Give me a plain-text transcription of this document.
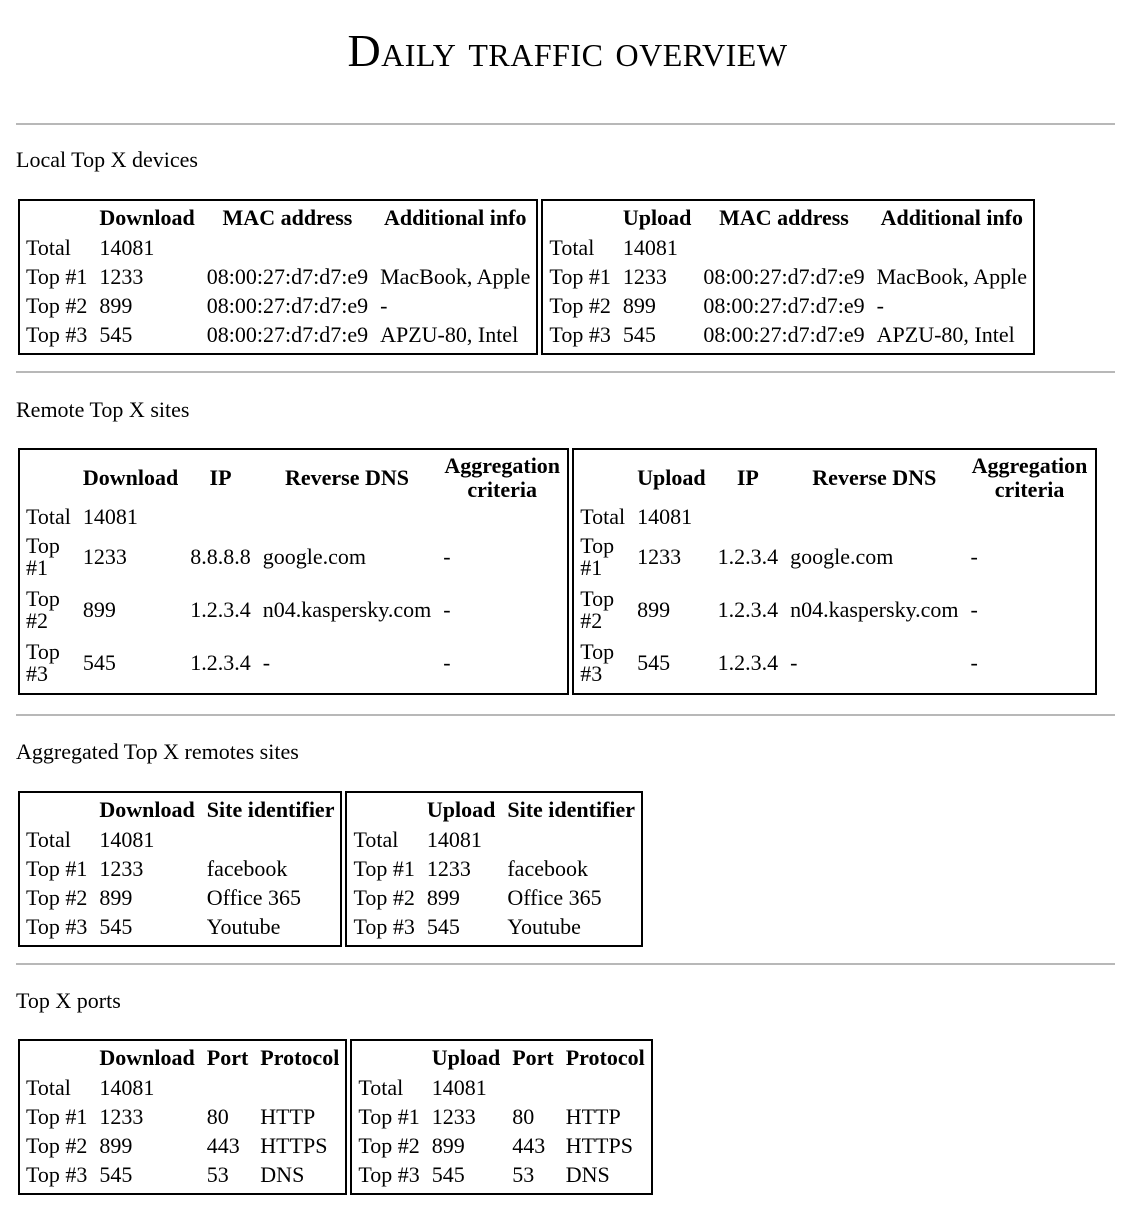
Daily traffic overview

Local Top X devices

	Download	MAC address	Additional info
Total	14081		
Top #1	1233	08:00:27:d7:d7:e9	MacBook, Apple
Top #2	899	08:00:27:d7:d7:e9	-
Top #3	545	08:00:27:d7:d7:e9	APZU-80, Intel
	Upload	MAC address	Additional info
Total	14081		
Top #1	1233	08:00:27:d7:d7:e9	MacBook, Apple
Top #2	899	08:00:27:d7:d7:e9	-
Top #3	545	08:00:27:d7:d7:e9	APZU-80, Intel

Remote Top X sites

	Download	IP	Reverse DNS	Aggregation criteria
Total	14081			
Top #1	1233	8.8.8.8	google.com	-
Top #2	899	1.2.3.4	n04.kaspersky.com	-
Top #3	545	1.2.3.4	-	-
	Upload	IP	Reverse DNS	Aggregation criteria
Total	14081			
Top #1	1233	1.2.3.4	google.com	-
Top #2	899	1.2.3.4	n04.kaspersky.com	-
Top #3	545	1.2.3.4	-	-

Aggregated Top X remotes sites

	Download	Site identifier
Total	14081	
Top #1	1233	facebook
Top #2	899	Office 365
Top #3	545	Youtube
	Upload	Site identifier
Total	14081	
Top #1	1233	facebook
Top #2	899	Office 365
Top #3	545	Youtube

Top X ports

	Download	Port	Protocol
Total	14081		
Top #1	1233	80	HTTP
Top #2	899	443	HTTPS
Top #3	545	53	DNS
	Upload	Port	Protocol
Total	14081		
Top #1	1233	80	HTTP
Top #2	899	443	HTTPS
Top #3	545	53	DNS
